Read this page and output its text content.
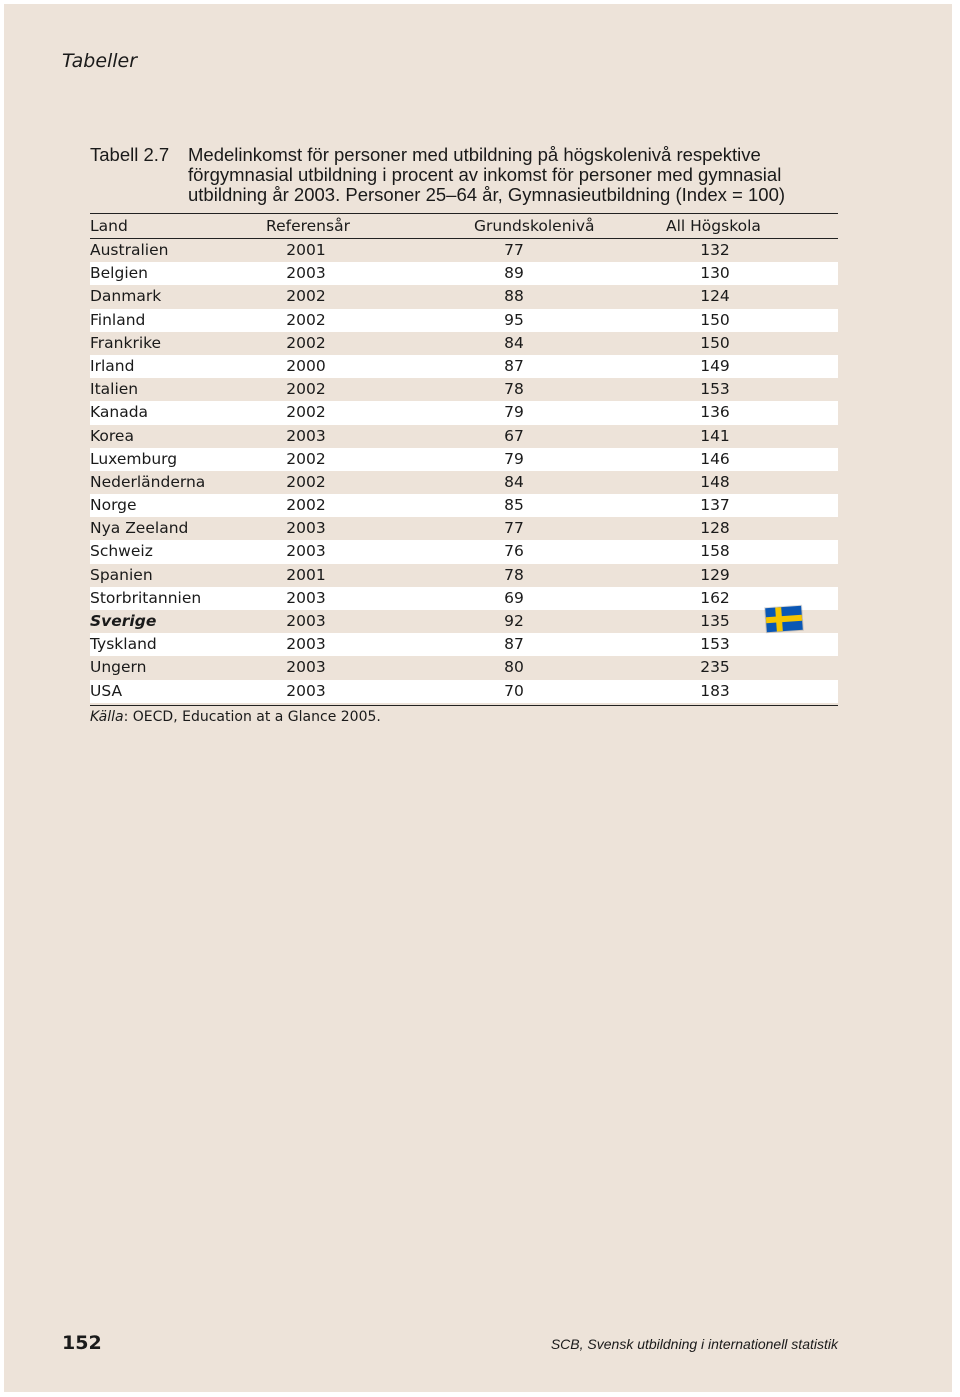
Tabeller
Tabell 2.7	Medelinkomst för personer med utbildning på högskolenivå respektive förgymnasial utbildning i procent av inkomst för personer med gymnasial utbildning år 2003. Personer 25–64 år, Gymnasieutbildning (Index = 100)
Land	Referensår	Grundskolenivå	All Högskola
Australien	2001	77	132
Belgien	2003	89	130
Danmark	2002	88	124
Finland	2002	95	150
Frankrike	2002	84	150
Irland	2000	87	149
Italien	2002	78	153
Kanada	2002	79	136
Korea	2003	67	141
Luxemburg	2002	79	146
Nederländerna	2002	84	148
Norge	2002	85	137
Nya Zeeland	2003	77	128
Schweiz	2003	76	158
Spanien	2001	78	129
Storbritannien	2003	69	162
Sverige	2003	92	135
Tyskland	2003	87	153
Ungern	2003	80	235
USA	2003	70	183
Källa: OECD, Education at a Glance 2005.
152	SCB, Svensk utbildning i internationell statistik
